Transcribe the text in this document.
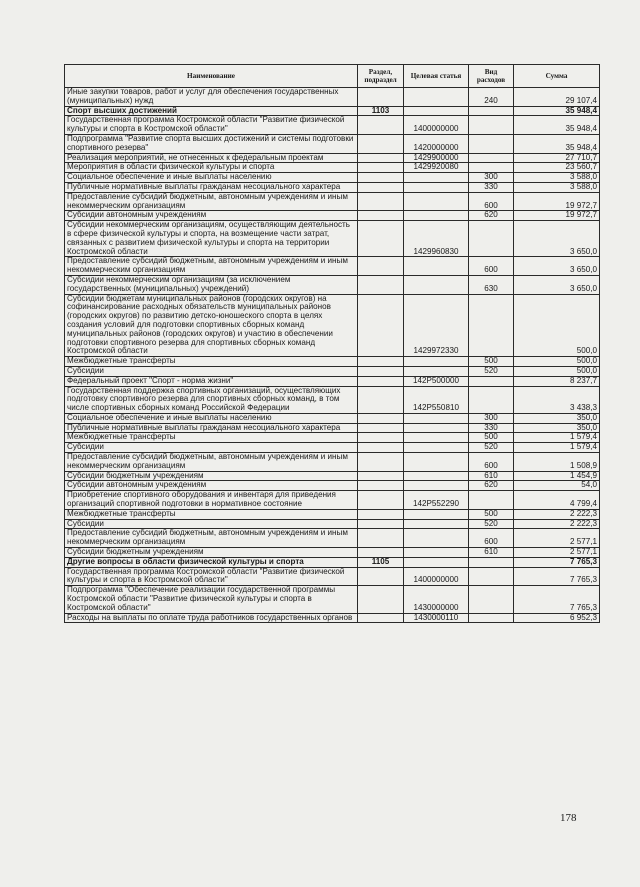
Наименование	Раздел, подраздел	Целевая статья	Вид расходов	Сумма
Иные закупки товаров, работ и услуг для обеспечения государственных (муниципальных) нужд			240	29 107,4
Спорт высших достижений	1103			35 948,4
Государственная программа Костромской области "Развитие физической культуры и спорта в Костромской области"		1400000000		35 948,4
Подпрограмма "Развитие спорта высших достижений и системы подготовки спортивного резерва"		1420000000		35 948,4
Реализация мероприятий, не отнесенных к федеральным проектам		1429900000		27 710,7
Мероприятия в области физической культуры и спорта		1429920080		23 560,7
Социальное обеспечение и иные выплаты населению			300	3 588,0
Публичные нормативные выплаты гражданам несоциального характера			330	3 588,0
Предоставление субсидий бюджетным, автономным учреждениям и иным некоммерческим организациям			600	19 972,7
Субсидии автономным учреждениям			620	19 972,7
Субсидии некоммерческим организациям, осуществляющим деятельность в сфере физической культуры и спорта, на возмещение части затрат, связанных с развитием физической культуры и спорта на территории Костромской области		1429960830		3 650,0
Предоставление субсидий бюджетным, автономным учреждениям и иным некоммерческим организациям			600	3 650,0
Субсидии некоммерческим организациям (за исключением государственных (муниципальных) учреждений)			630	3 650,0
Субсидии бюджетам муниципальных районов (городских округов) на софинансирование расходных обязательств муниципальных районов (городских округов) по развитию детско-юношеского спорта в целях создания условий для подготовки спортивных сборных команд муниципальных районов (городских округов) и участию в обеспечении подготовки спортивного резерва для спортивных сборных команд Костромской области		1429972330		500,0
Межбюджетные трансферты			500	500,0
Субсидии			520	500,0
Федеральный проект "Спорт - норма жизни"		142P500000		8 237,7
Государственная поддержка спортивных организаций, осуществляющих подготовку спортивного резерва для спортивных сборных команд, в том числе спортивных сборных команд Российской Федерации		142P550810		3 438,3
Социальное обеспечение и иные выплаты населению			300	350,0
Публичные нормативные выплаты гражданам несоциального характера			330	350,0
Межбюджетные трансферты			500	1 579,4
Субсидии			520	1 579,4
Предоставление субсидий бюджетным, автономным учреждениям и иным некоммерческим организациям			600	1 508,9
Субсидии бюджетным учреждениям			610	1 454,9
Субсидии автономным учреждениям			620	54,0
Приобретение спортивного оборудования и инвентаря для приведения организаций спортивной подготовки в нормативное состояние		142P552290		4 799,4
Межбюджетные трансферты			500	2 222,3
Субсидии			520	2 222,3
Предоставление субсидий бюджетным, автономным учреждениям и иным некоммерческим организациям			600	2 577,1
Субсидии бюджетным учреждениям			610	2 577,1
Другие вопросы в области физической культуры и спорта	1105			7 765,3
Государственная программа Костромской области "Развитие физической культуры и спорта в Костромской области"		1400000000		7 765,3
Подпрограмма "Обеспечение реализации государственной программы Костромской области "Развитие физической культуры и спорта в Костромской области"		1430000000		7 765,3
Расходы на выплаты по оплате труда работников государственных органов		1430000110		6 952,3
178
